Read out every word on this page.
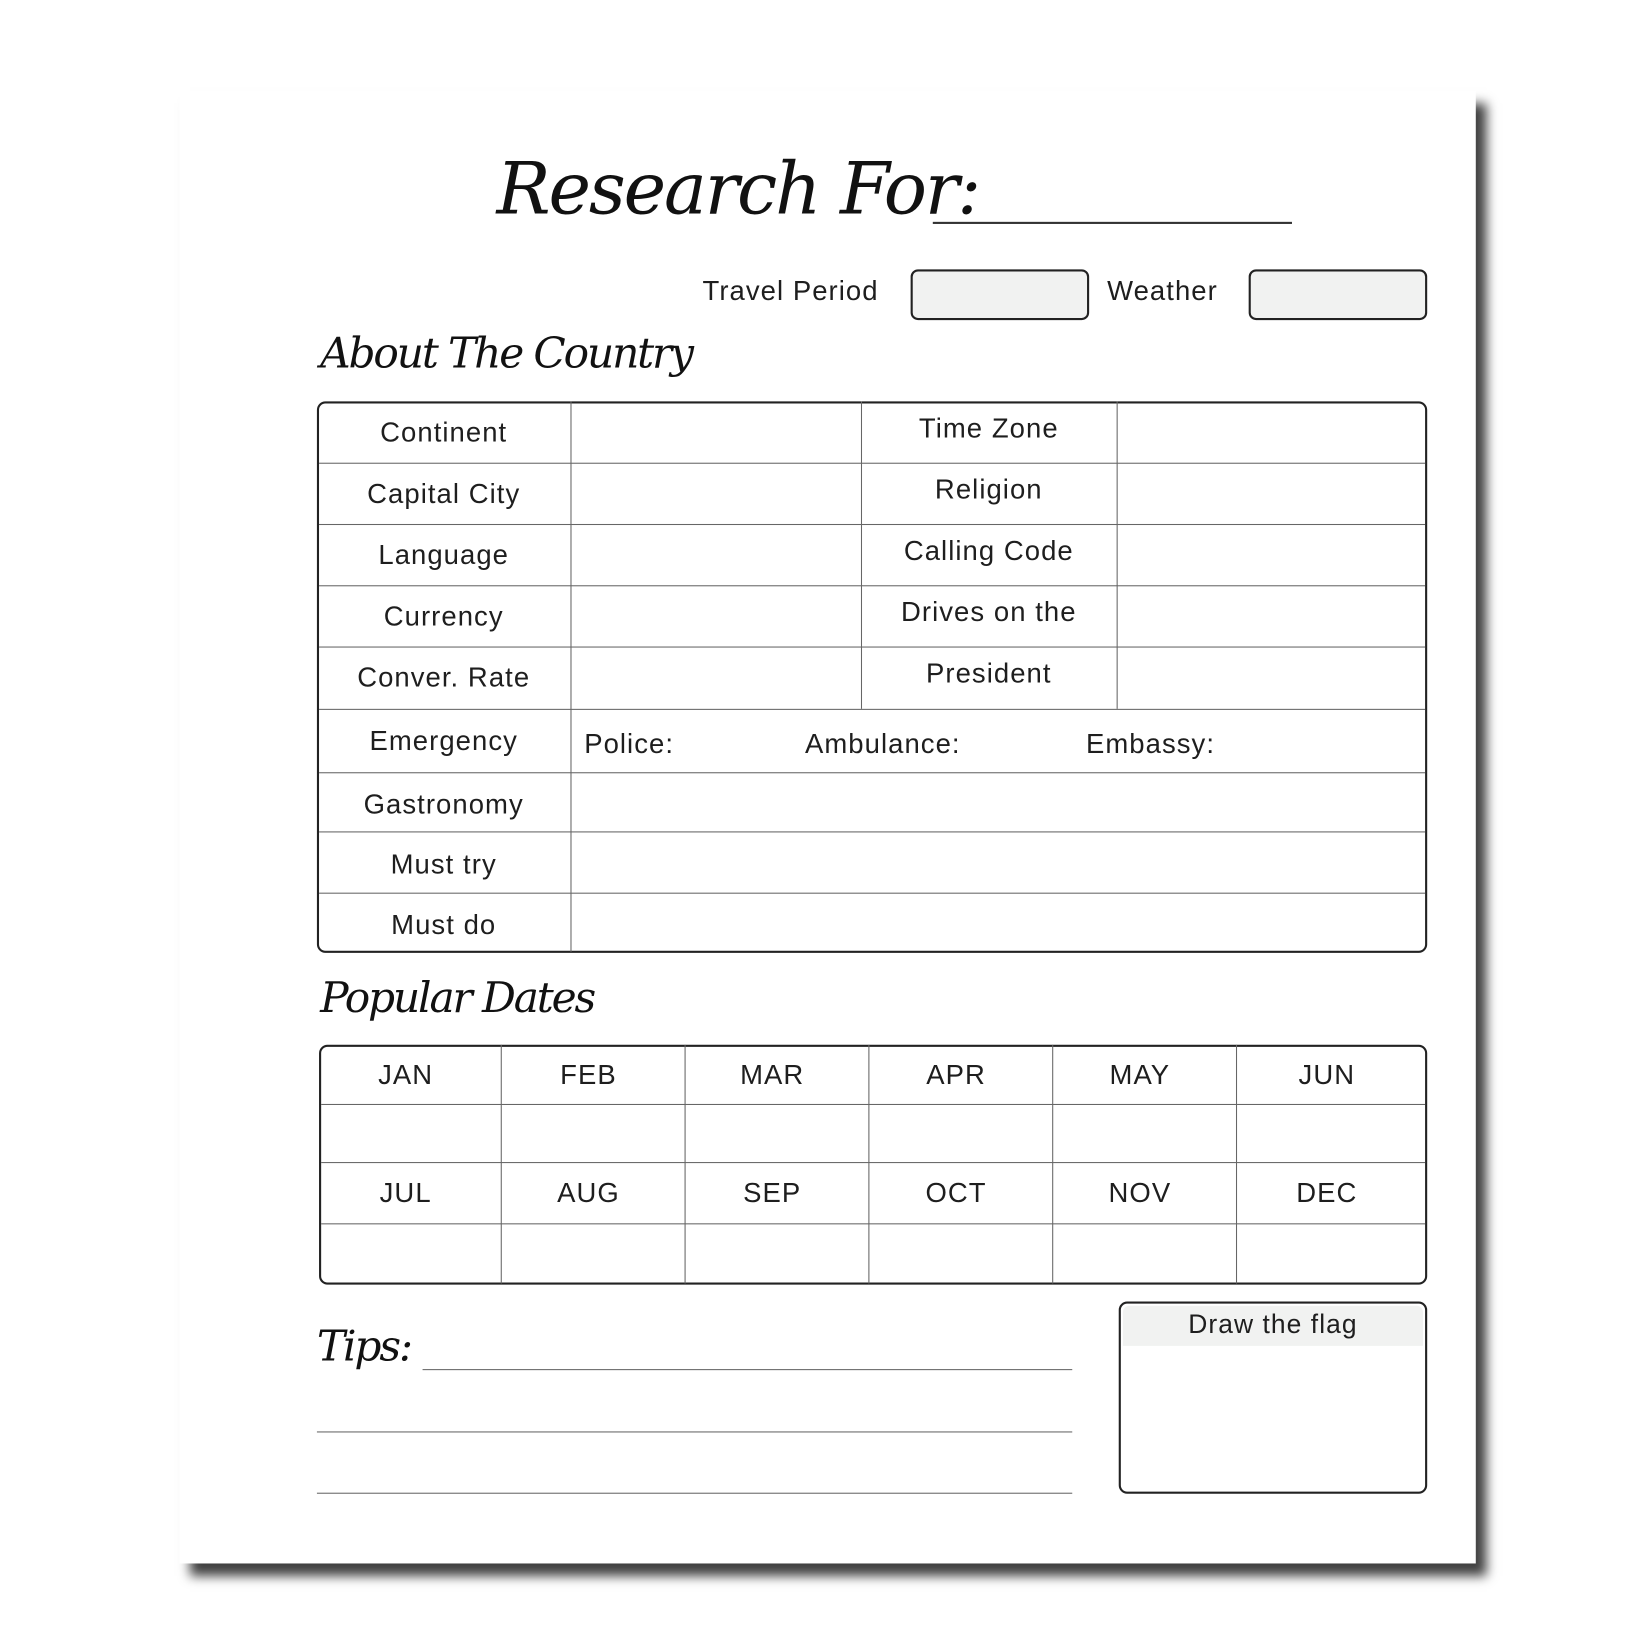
Research For:
Travel Period	Weather
About The Country
Continent	Time Zone
Capital City	Religion
Language	Calling Code
Currency	Drives on the
Conver. Rate	President
Emergency	Police:	Ambulance:	Embassy:
Gastronomy
Must try
Must do
Popular Dates
JAN	FEB	MAR	APR	MAY	JUN
JUL	AUG	SEP	OCT	NOV	DEC
Tips:	Draw the flag
